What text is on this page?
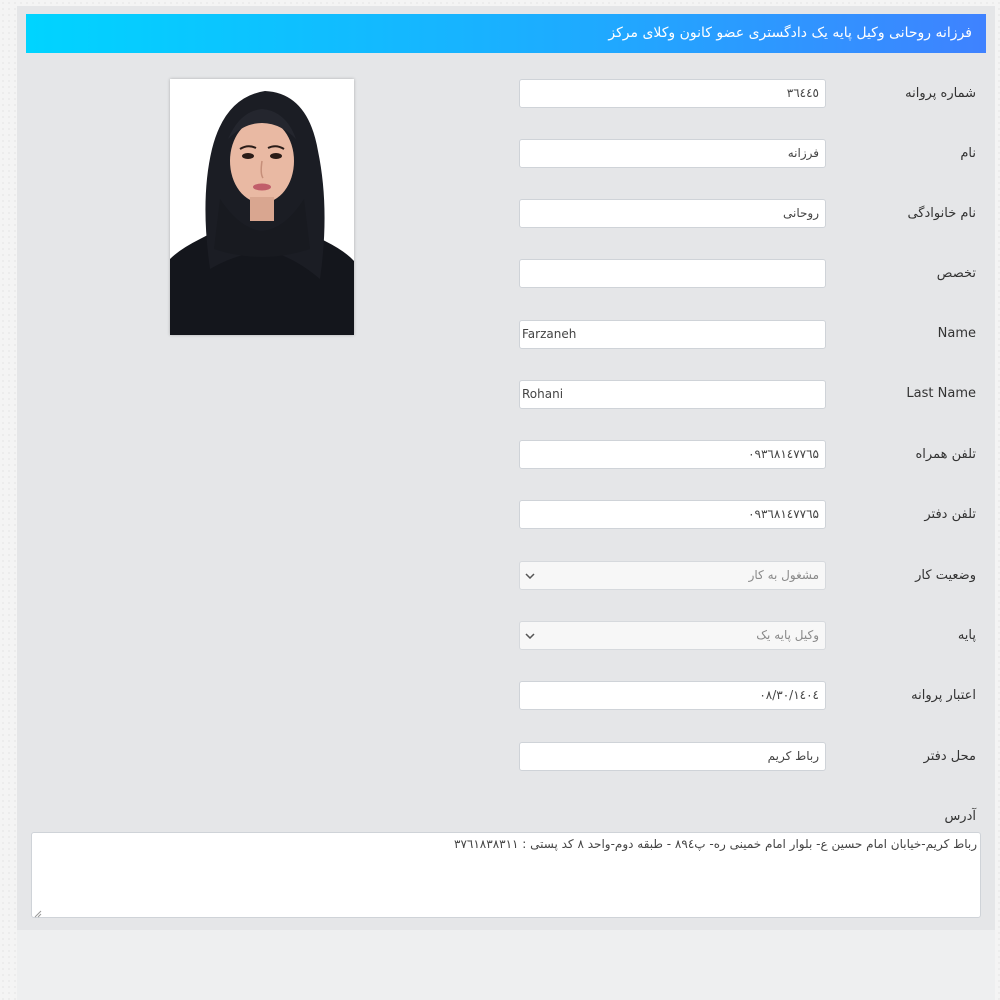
فرزانه روحانی وکیل پایه یک دادگستری عضو کانون وکلای مرکز
شماره پروانه
۳٦٤٤٥
نام
فرزانه
نام خانوادگی
روحانی
تخصص
Name
Farzaneh
Last Name
Rohani
تلفن همراه
۰۹۳٦۸۱٤۷۷٦۵
تلفن دفتر
۰۹۳٦۸۱٤۷۷٦۵
وضعیت کار
مشغول به کار
پایه
وکیل پایه یک
اعتبار پروانه
۱٤۰٤/۰۸/۳۰
محل دفتر
رباط کریم
آدرس
رباط کریم-خیابان امام حسین ع- بلوار امام خمینی ره- پ۸۹٤ - طبقه دوم-واحد ۸ کد پستی : ۳۷٦۱۸۳۸۳۱۱
